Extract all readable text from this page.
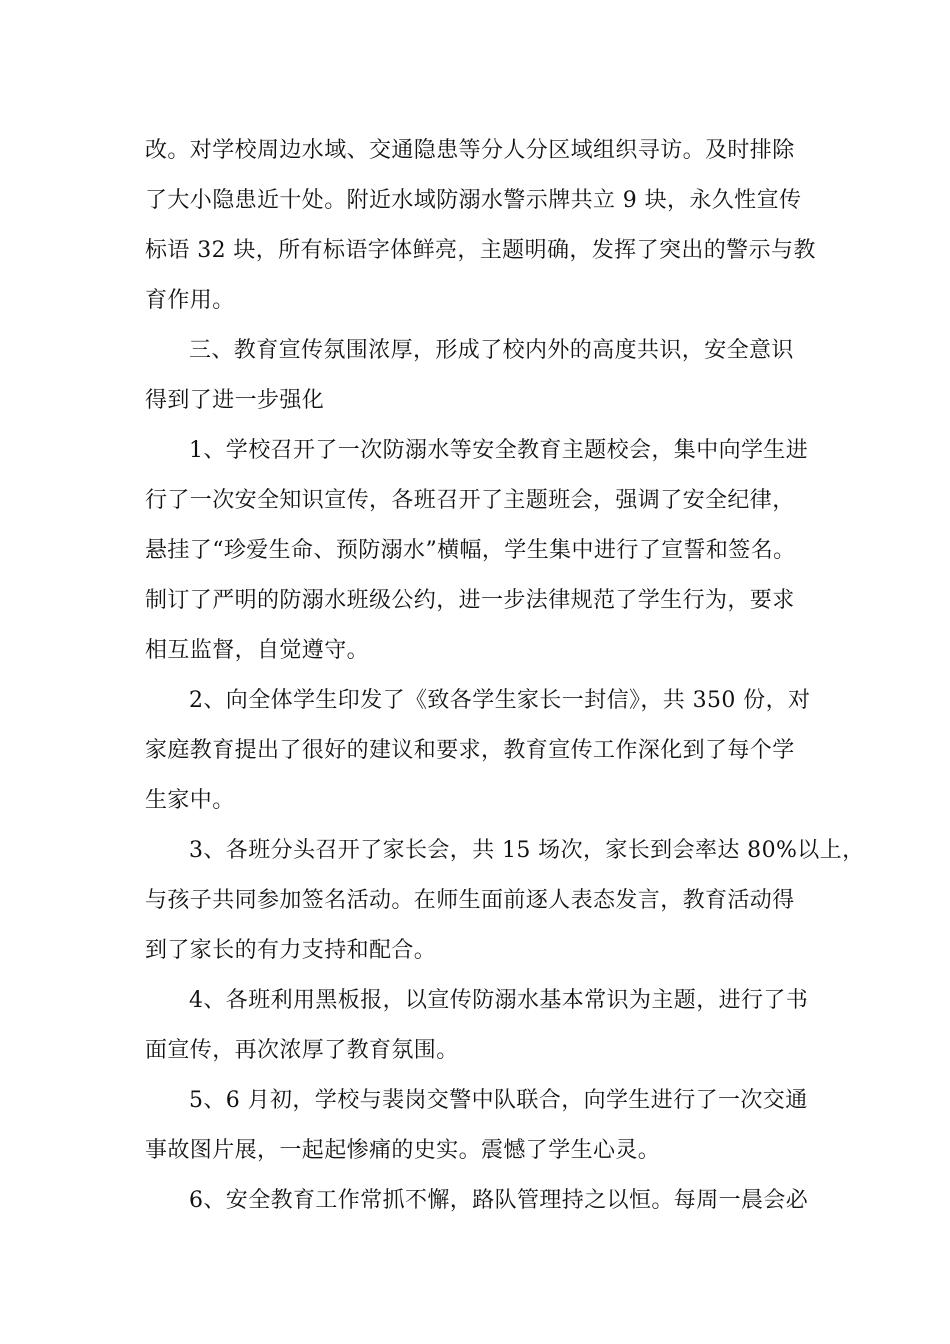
改。对学校周边水域、交通隐患等分人分区域组织寻访。及时排除
了大小隐患近十处。附近水域防溺水警示牌共立 9 块，永久性宣传
标语 32 块，所有标语字体鲜亮，主题明确，发挥了突出的警示与教
育作用。
三、教育宣传氛围浓厚，形成了校内外的高度共识，安全意识
得到了进一步强化
1、学校召开了一次防溺水等安全教育主题校会，集中向学生进
行了一次安全知识宣传，各班召开了主题班会，强调了安全纪律，
悬挂了“珍爱生命、预防溺水”横幅，学生集中进行了宣誓和签名。
制订了严明的防溺水班级公约，进一步法律规范了学生行为，要求
相互监督，自觉遵守。
2、向全体学生印发了《致各学生家长一封信》，共 350 份，对
家庭教育提出了很好的建议和要求，教育宣传工作深化到了每个学
生家中。
3、各班分头召开了家长会，共 15 场次，家长到会率达 80%以上，
与孩子共同参加签名活动。在师生面前逐人表态发言，教育活动得
到了家长的有力支持和配合。
4、各班利用黑板报，以宣传防溺水基本常识为主题，进行了书
面宣传，再次浓厚了教育氛围。
5、6 月初，学校与裴岗交警中队联合，向学生进行了一次交通
事故图片展，一起起惨痛的史实。震憾了学生心灵。
6、安全教育工作常抓不懈，路队管理持之以恒。每周一晨会必
